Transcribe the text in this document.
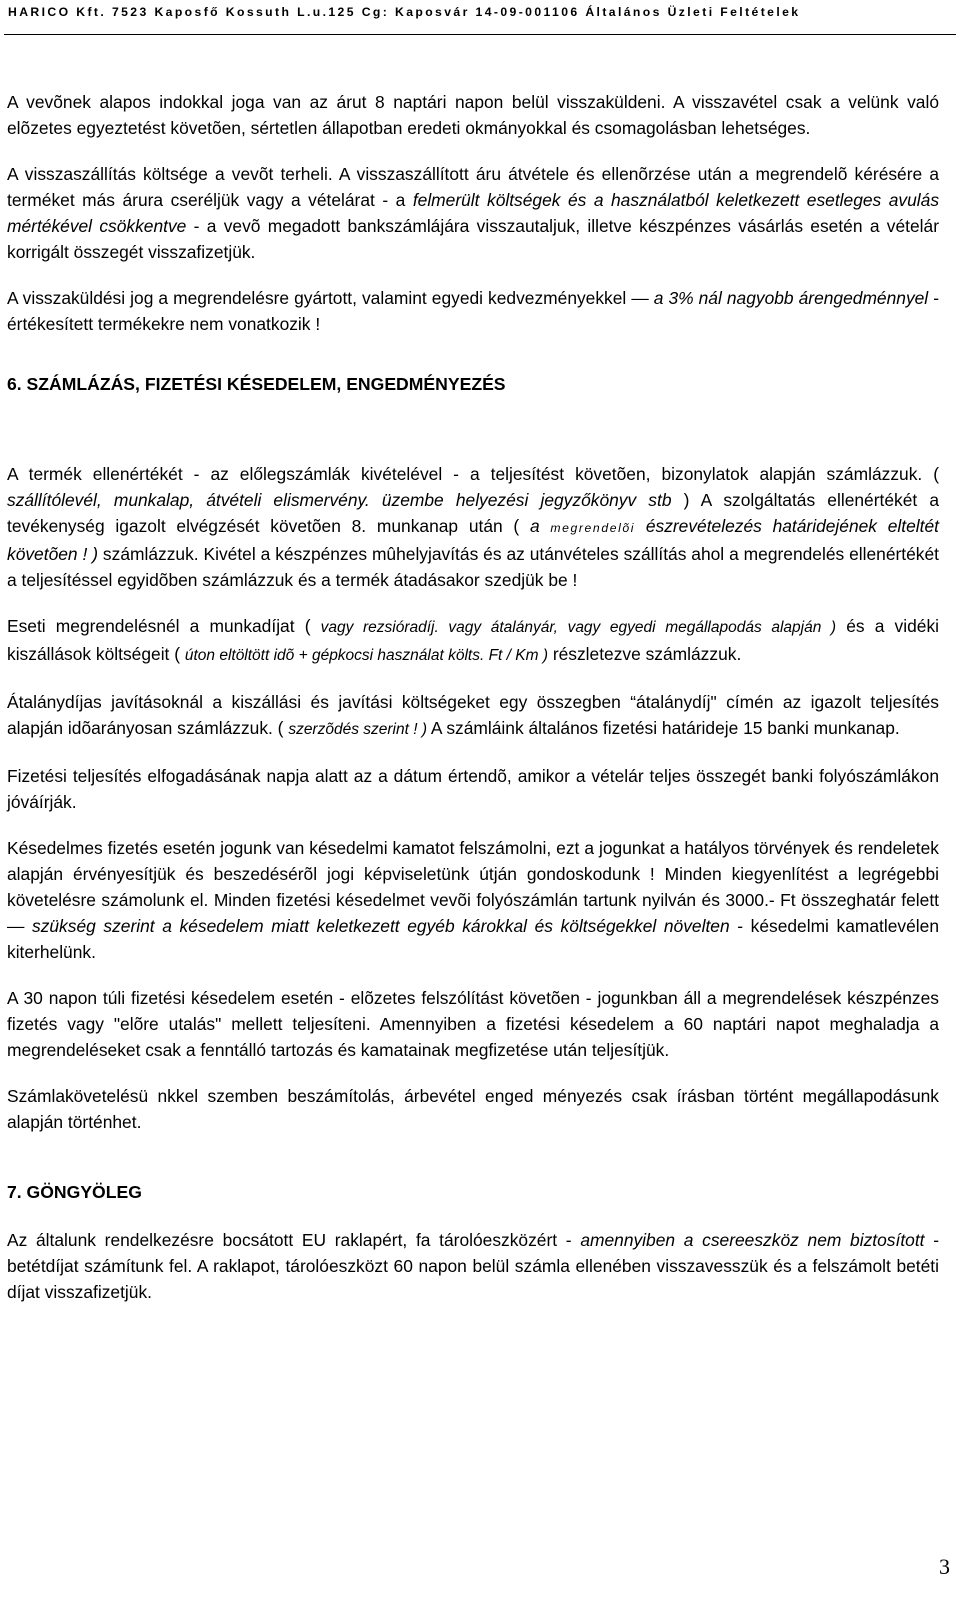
HARICO Kft. 7523 Kaposfő Kossuth L.u.125 Cg: Kaposvár 14-09-001106 Általános Üzleti Feltételek

A vevõnek alapos indokkal joga van az árut 8 naptári napon belül visszaküldeni. A visszavétel csak a velünk való elõzetes egyeztetést követõen, sértetlen állapotban eredeti okmányokkal és csomagolásban lehetséges.

A visszaszállítás költsége a vevõt terheli. A visszaszállított áru átvétele és ellenõrzése után a megrendelõ kérésére a terméket más árura cseréljük vagy a vételárat - a felmerült költségek és a használatból keletkezett esetleges avulás mértékével csökkentve - a vevõ megadott bankszámlájára visszautaljuk, illetve készpénzes vásárlás esetén a vételár korrigált összegét visszafizetjük.

A visszaküldési jog a megrendelésre gyártott, valamint egyedi kedvezményekkel — a 3% nál nagyobb árengedménnyel - értékesített termékekre nem vonatkozik !

6. SZÁMLÁZÁS, FIZETÉSI KÉSEDELEM, ENGEDMÉNYEZÉS

A termék ellenértékét - az előlegszámlák kivételével - a teljesítést követõen, bizonylatok alapján számlázzuk. ( szállítólevél, munkalap, átvételi elismervény. üzembe helyezési jegyzőkönyv stb ) A szolgáltatás ellenértékét a tevékenység igazolt elvégzését követõen 8. munkanap után ( a megrendelõi észrevételezés határidejének elteltét követõen ! ) számlázzuk. Kivétel a készpénzes mûhelyjavítás és az utánvételes szállítás ahol a megrendelés ellenértékét a teljesítéssel egyidõben számlázzuk és a termék átadásakor szedjük be !

Eseti megrendelésnél a munkadíjat ( vagy rezsióradíj. vagy átalányár, vagy egyedi megállapodás alapján ) és a vidéki kiszállások költségeit ( úton eltöltött idõ + gépkocsi használat költs. Ft / Km ) részletezve számlázzuk.

Átalánydíjas javításoknál a kiszállási és javítási költségeket egy összegben “átalánydíj" címén az igazolt teljesítés alapján idõarányosan számlázzuk. ( szerzõdés szerint ! ) A számláink általános fizetési határideje 15 banki munkanap.

Fizetési teljesítés elfogadásának napja alatt az a dátum értendõ, amikor a vételár teljes összegét banki folyószámlákon jóváírják.

Késedelmes fizetés esetén jogunk van késedelmi kamatot felszámolni, ezt a jogunkat a hatályos törvények és rendeletek alapján érvényesítjük és beszedésérõl jogi képviseletünk útján gondoskodunk ! Minden kiegyenlítést a legrégebbi követelésre számolunk el. Minden fizetési késedelmet vevõi folyószámlán tartunk nyilván és 3000.- Ft összeghatár felett — szükség szerint a késedelem miatt keletkezett egyéb károkkal és költségekkel növelten - késedelmi kamatlevélen kiterhelünk.

A 30 napon túli fizetési késedelem esetén - elõzetes felszólítást követõen - jogunkban áll a megrendelések készpénzes fizetés vagy "elõre utalás" mellett teljesíteni. Amennyiben a fizetési késedelem a 60 naptári napot meghaladja a megrendeléseket csak a fenntálló tartozás és kamatainak megfizetése után teljesítjük.

Számlakövetelésü nkkel szemben beszámítolás, árbevétel enged ményezés csak írásban történt megállapodásunk alapján történhet.

7. GÖNGYÖLEG

Az általunk rendelkezésre bocsátott EU raklapért, fa tárolóeszközért - amennyiben a csereeszköz nem biztosított - betétdíjat számítunk fel. A raklapot, tárolóeszközt 60 napon belül számla ellenében visszavesszük és a felszámolt betéti díjat visszafizetjük.

3
